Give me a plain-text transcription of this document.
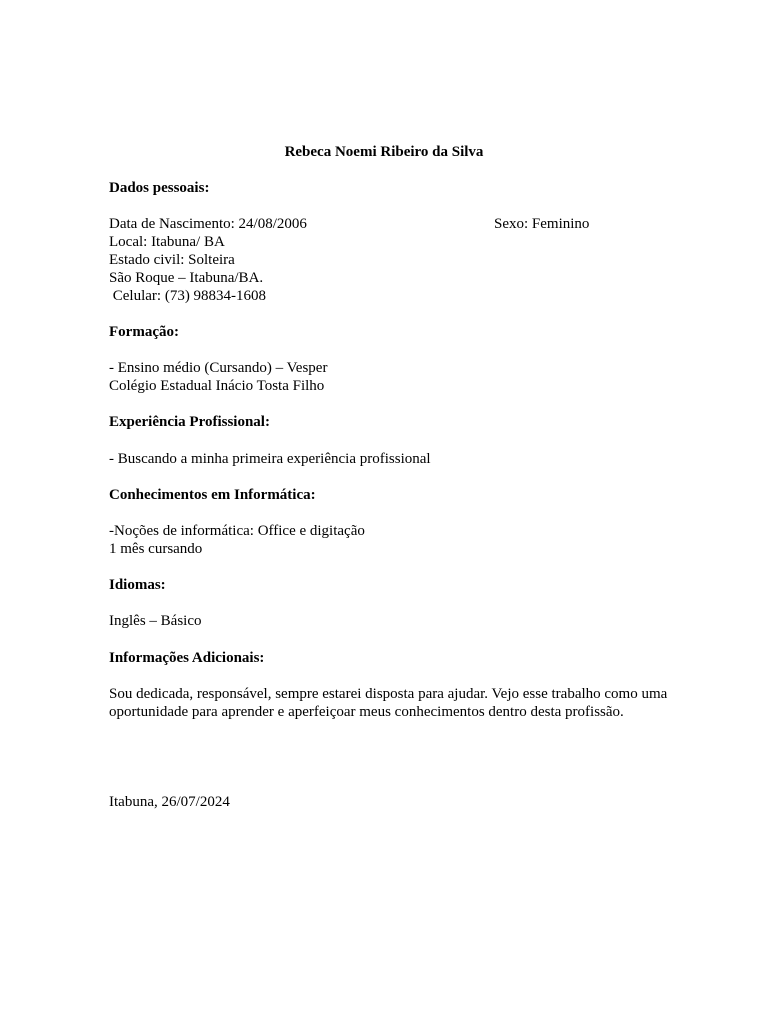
Rebeca Noemi Ribeiro da Silva
Dados pessoais:
Data de Nascimento: 24/08/2006	Sexo: Feminino
Local: Itabuna/ BA
Estado civil: Solteira
São Roque – Itabuna/BA.
Celular: (73) 98834-1608
Formação:
- Ensino médio (Cursando) – Vesper
Colégio Estadual Inácio Tosta Filho
Experiência Profissional:
- Buscando a minha primeira experiência profissional
Conhecimentos em Informática:
-Noções de informática: Office e digitação
1 mês cursando
Idiomas:
Inglês – Básico
Informações Adicionais:
Sou dedicada, responsável, sempre estarei disposta para ajudar. Vejo esse trabalho como uma oportunidade para aprender e aperfeiçoar meus conhecimentos dentro desta profissão.
Itabuna, 26/07/2024
